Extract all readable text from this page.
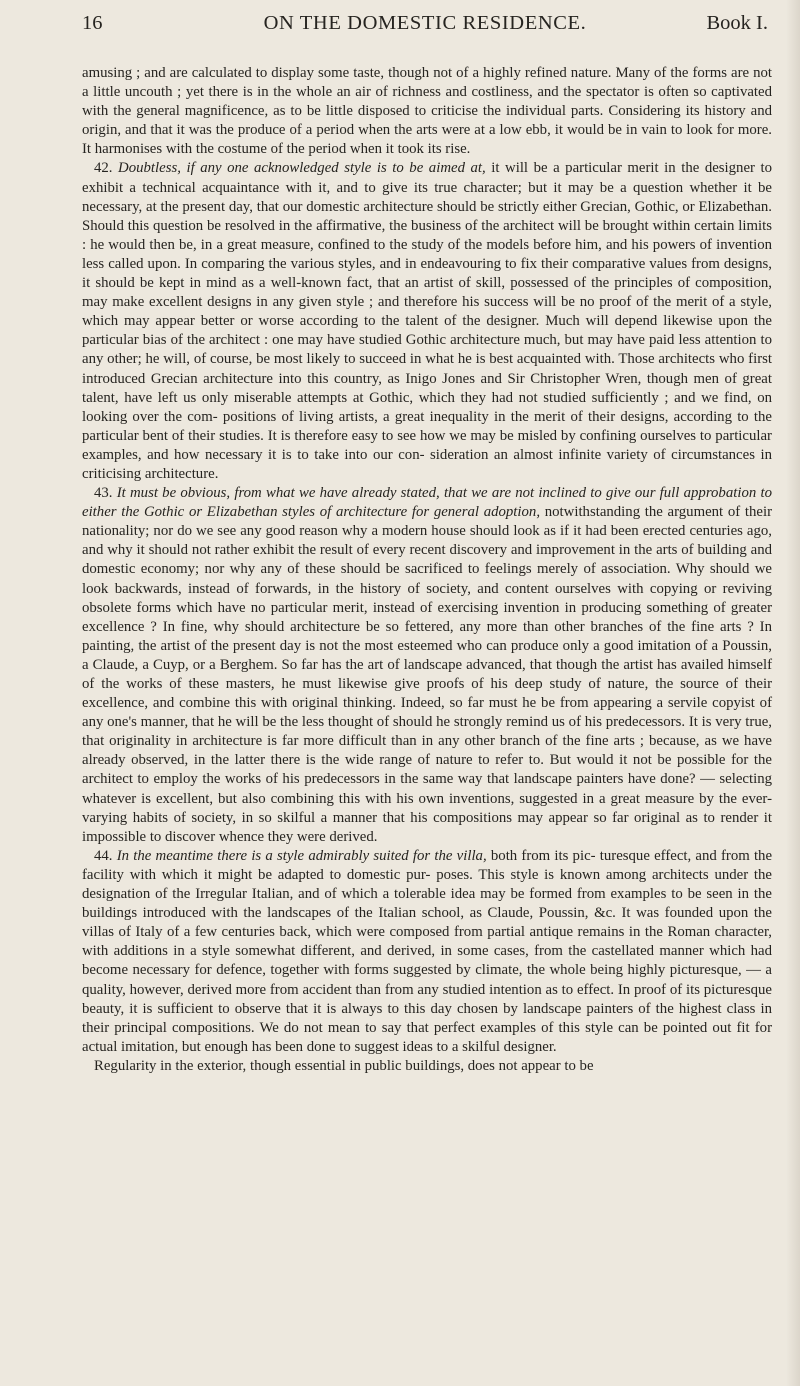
16	ON THE DOMESTIC RESIDENCE.	Book I.

amusing ; and are calculated to display some taste, though not of a highly refined nature. Many of the forms are not a little uncouth ; yet there is in the whole an air of richness and costliness, and the spectator is often so captivated with the general magnificence, as to be little disposed to criticise the individual parts. Considering its history and origin, and that it was the produce of a period when the arts were at a low ebb, it would be in vain to look for more. It harmonises with the costume of the period when it took its rise.

42. Doubtless, if any one acknowledged style is to be aimed at, it will be a particular merit in the designer to exhibit a technical acquaintance with it, and to give its true character; but it may be a question whether it be necessary, at the present day, that our domestic architecture should be strictly either Grecian, Gothic, or Elizabethan. Should this question be resolved in the affirmative, the business of the architect will be brought within certain limits : he would then be, in a great measure, confined to the study of the models before him, and his powers of invention less called upon. In comparing the various styles, and in endeavouring to fix their comparative values from designs, it should be kept in mind as a well-known fact, that an artist of skill, possessed of the principles of composition, may make excellent designs in any given style ; and therefore his success will be no proof of the merit of a style, which may appear better or worse according to the talent of the designer. Much will depend likewise upon the particular bias of the architect : one may have studied Gothic architecture much, but may have paid less attention to any other; he will, of course, be most likely to succeed in what he is best acquainted with. Those architects who first introduced Grecian architecture into this country, as Inigo Jones and Sir Christopher Wren, though men of great talent, have left us only miserable attempts at Gothic, which they had not studied sufficiently ; and we find, on looking over the com- positions of living artists, a great inequality in the merit of their designs, according to the particular bent of their studies. It is therefore easy to see how we may be misled by confining ourselves to particular examples, and how necessary it is to take into our con- sideration an almost infinite variety of circumstances in criticising architecture.

43. It must be obvious, from what we have already stated, that we are not inclined to give our full approbation to either the Gothic or Elizabethan styles of architecture for general adoption, notwithstanding the argument of their nationality; nor do we see any good reason why a modern house should look as if it had been erected centuries ago, and why it should not rather exhibit the result of every recent discovery and improvement in the arts of building and domestic economy; nor why any of these should be sacrificed to feelings merely of association. Why should we look backwards, instead of forwards, in the history of society, and content ourselves with copying or reviving obsolete forms which have no particular merit, instead of exercising invention in producing something of greater excellence ? In fine, why should architecture be so fettered, any more than other branches of the fine arts ? In painting, the artist of the present day is not the most esteemed who can produce only a good imitation of a Poussin, a Claude, a Cuyp, or a Berghem. So far has the art of landscape advanced, that though the artist has availed himself of the works of these masters, he must likewise give proofs of his deep study of nature, the source of their excellence, and combine this with original thinking. Indeed, so far must he be from appearing a servile copyist of any one's manner, that he will be the less thought of should he strongly remind us of his predecessors. It is very true, that originality in architecture is far more difficult than in any other branch of the fine arts ; because, as we have already observed, in the latter there is the wide range of nature to refer to. But would it not be possible for the architect to employ the works of his predecessors in the same way that landscape painters have done? — selecting whatever is excellent, but also combining this with his own inventions, suggested in a great measure by the ever-varying habits of society, in so skilful a manner that his compositions may appear so far original as to render it impossible to discover whence they were derived.

44. In the meantime there is a style admirably suited for the villa, both from its pic- turesque effect, and from the facility with which it might be adapted to domestic pur- poses. This style is known among architects under the designation of the Irregular Italian, and of which a tolerable idea may be formed from examples to be seen in the buildings introduced with the landscapes of the Italian school, as Claude, Poussin, &c. It was founded upon the villas of Italy of a few centuries back, which were composed from partial antique remains in the Roman character, with additions in a style somewhat different, and derived, in some cases, from the castellated manner which had become necessary for defence, together with forms suggested by climate, the whole being highly picturesque, — a quality, however, derived more from accident than from any studied intention as to effect. In proof of its picturesque beauty, it is sufficient to observe that it is always to this day chosen by landscape painters of the highest class in their principal compositions. We do not mean to say that perfect examples of this style can be pointed out fit for actual imitation, but enough has been done to suggest ideas to a skilful designer.

Regularity in the exterior, though essential in public buildings, does not appear to be
